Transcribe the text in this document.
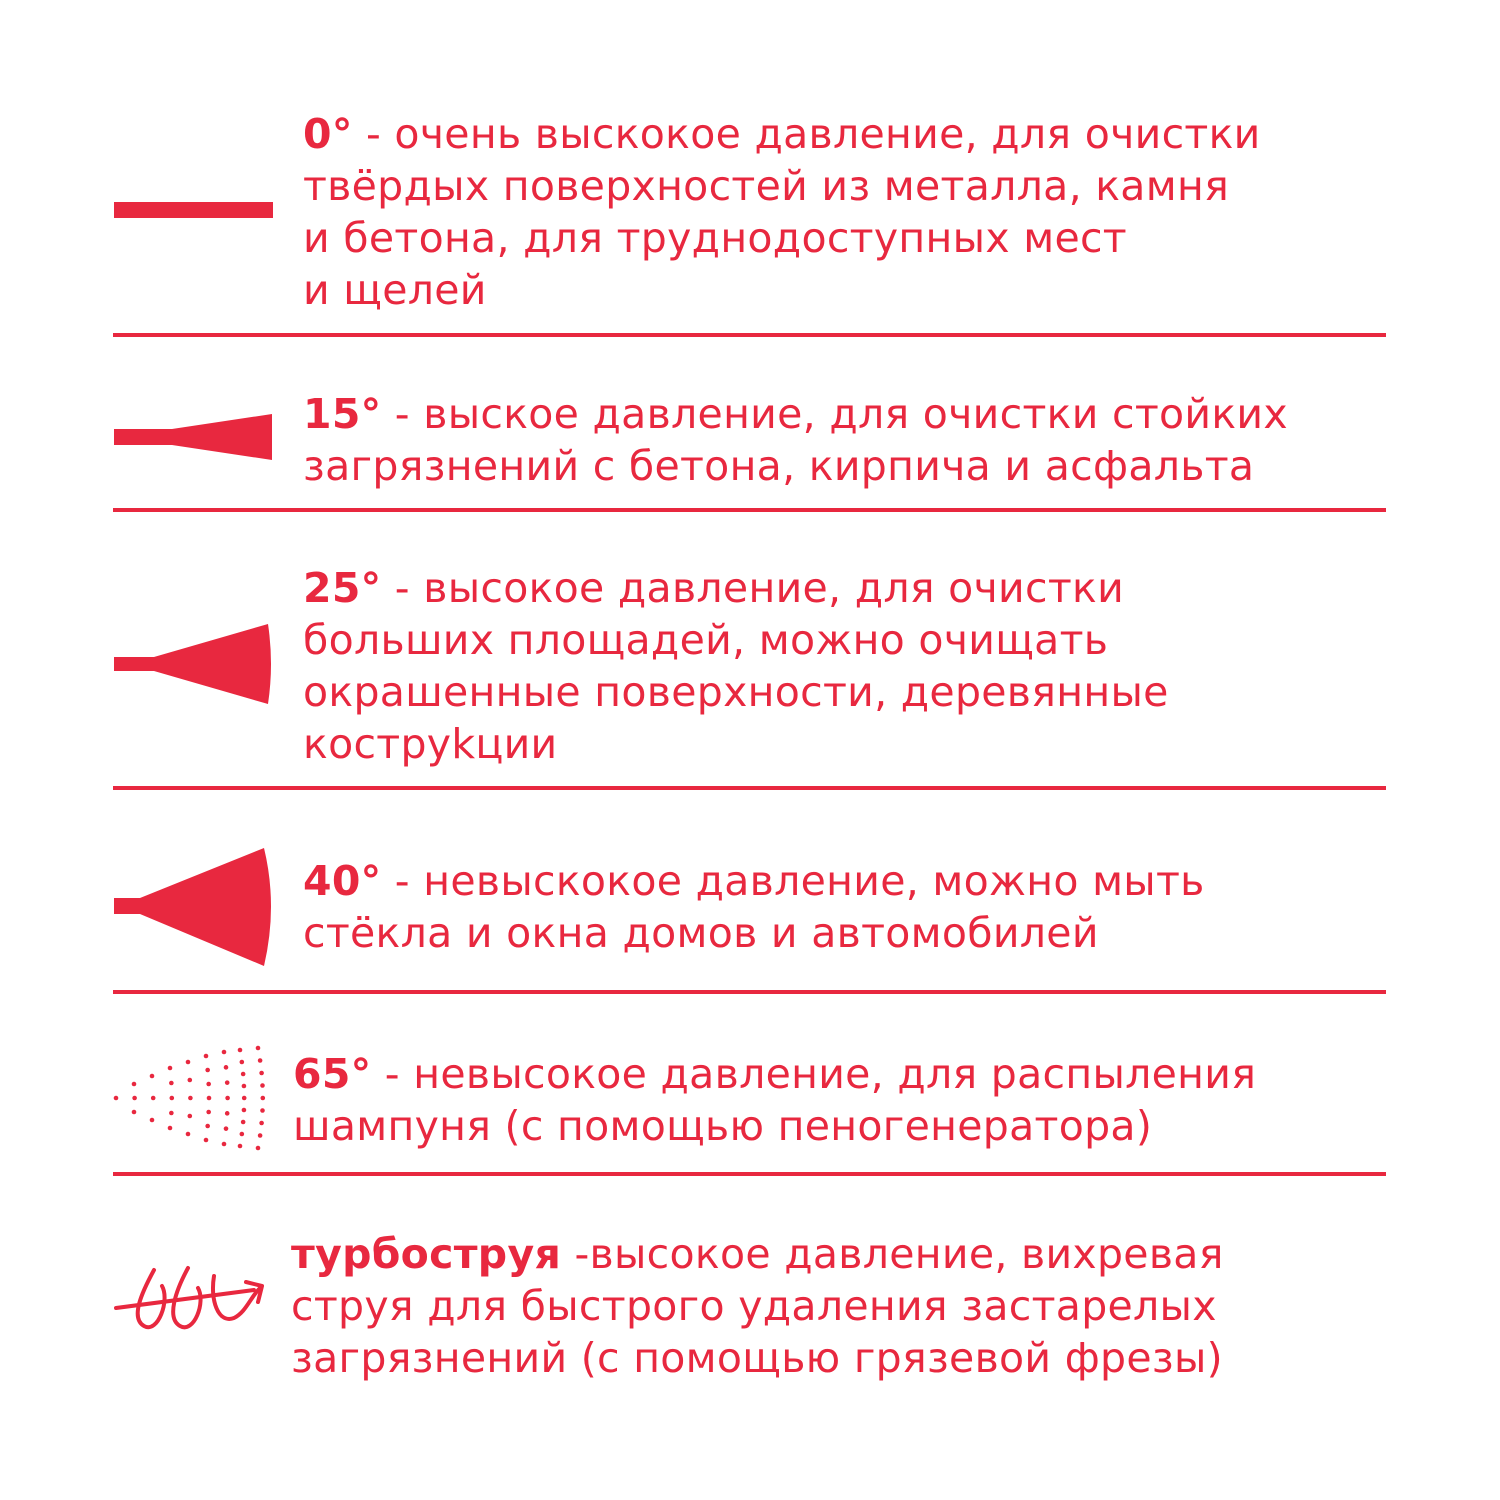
0° - очень выскокое давление, для очистки
твёрдых поверхностей из металла, камня
и бетона, для труднодоступных мест
и щелей
15° - выское давление, для очистки стойких
загрязнений с бетона, кирпича и асфальта
25° - высокое давление, для очистки
больших площадей, можно очищать
окрашенные поверхности, деревянные
коструkции
40° - невыскокое давление, можно мыть
стёкла и окна домов и автомобилей
65° - невысокое давление, для распыления
шампуня (с помощью пеногенератора)
турбоструя -высокое давление, вихревая
струя для быстрого удаления застарелых
загрязнений (с помощью грязевой фрезы)
